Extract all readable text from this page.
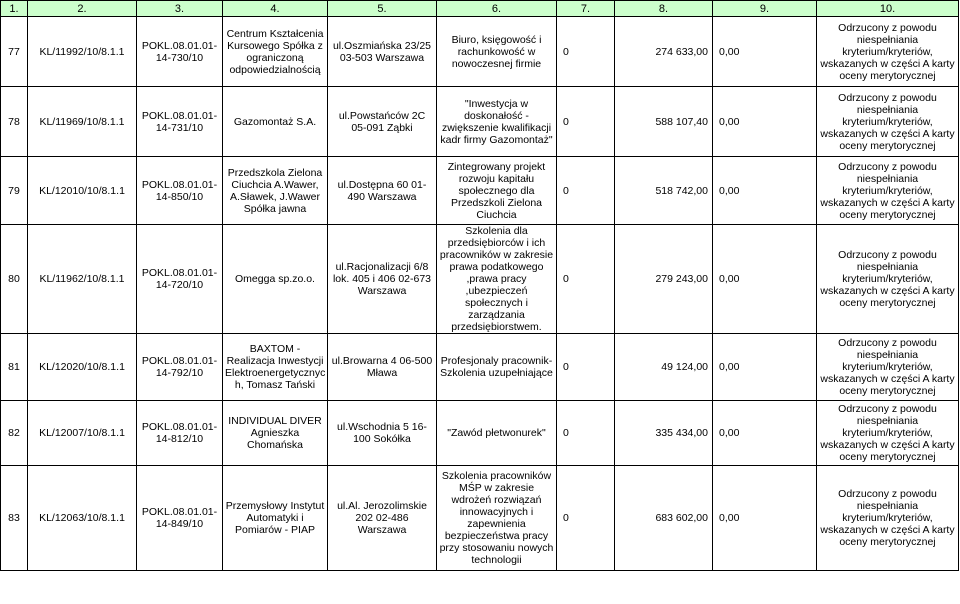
1.	2.	3.	4.	5.	6.	7.	8.	9.	10.
77	KL/11992/10/8.1.1	POKL.08.01.01-14-730/10	Centrum Kształcenia Kursowego Spółka z ograniczoną odpowiedzialnością	ul.Oszmiańska 23/25 03-503 Warszawa	Biuro, księgowość i rachunkowość w nowoczesnej firmie	0	274 633,00	0,00	Odrzucony z powodu niespełniania kryterium/kryteriów, wskazanych w części A karty oceny merytorycznej
78	KL/11969/10/8.1.1	POKL.08.01.01-14-731/10	Gazomontaż S.A.	ul.Powstańców 2C 05-091 Ząbki	"Inwestycja w doskonałość - zwiększenie kwalifikacji kadr firmy Gazomontaż"	0	588 107,40	0,00	Odrzucony z powodu niespełniania kryterium/kryteriów, wskazanych w części A karty oceny merytorycznej
79	KL/12010/10/8.1.1	POKL.08.01.01-14-850/10	Przedszkola Zielona Ciuchcia A.Wawer, A.Sławek, J.Wawer Spółka jawna	ul.Dostępna 60 01-490 Warszawa	Zintegrowany projekt rozwoju kapitału społecznego dla Przedszkoli Zielona Ciuchcia	0	518 742,00	0,00	Odrzucony z powodu niespełniania kryterium/kryteriów, wskazanych w części A karty oceny merytorycznej
80	KL/11962/10/8.1.1	POKL.08.01.01-14-720/10	Omegga sp.zo.o.	ul.Racjonalizacji 6/8 lok. 405 i 406 02-673 Warszawa	Szkolenia dla przedsiębiorców i ich pracowników w zakresie prawa podatkowego ,prawa pracy ,ubezpieczeń społecznych i zarządzania przedsiębiorstwem.	0	279 243,00	0,00	Odrzucony z powodu niespełniania kryterium/kryteriów, wskazanych w części A karty oceny merytorycznej
81	KL/12020/10/8.1.1	POKL.08.01.01-14-792/10	BAXTOM - Realizacja Inwestycji Elektroenergetycznyc h, Tomasz Tański	ul.Browarna 4 06-500 Mława	Profesjonaly pracownik- Szkolenia uzupełniające	0	49 124,00	0,00	Odrzucony z powodu niespełniania kryterium/kryteriów, wskazanych w części A karty oceny merytorycznej
82	KL/12007/10/8.1.1	POKL.08.01.01-14-812/10	INDIVIDUAL DIVER Agnieszka Chomańska	ul.Wschodnia 5 16-100 Sokółka	"Zawód płetwonurek"	0	335 434,00	0,00	Odrzucony z powodu niespełniania kryterium/kryteriów, wskazanych w części A karty oceny merytorycznej
83	KL/12063/10/8.1.1	POKL.08.01.01-14-849/10	Przemysłowy Instytut Automatyki i Pomiarów - PIAP	ul.Al. Jerozolimskie 202 02-486 Warszawa	Szkolenia pracowników MŚP w zakresie wdrożeń rozwiązań innowacyjnych i zapewnienia bezpieczeństwa pracy przy stosowaniu nowych technologii	0	683 602,00	0,00	Odrzucony z powodu niespełniania kryterium/kryteriów, wskazanych w części A karty oceny merytorycznej
